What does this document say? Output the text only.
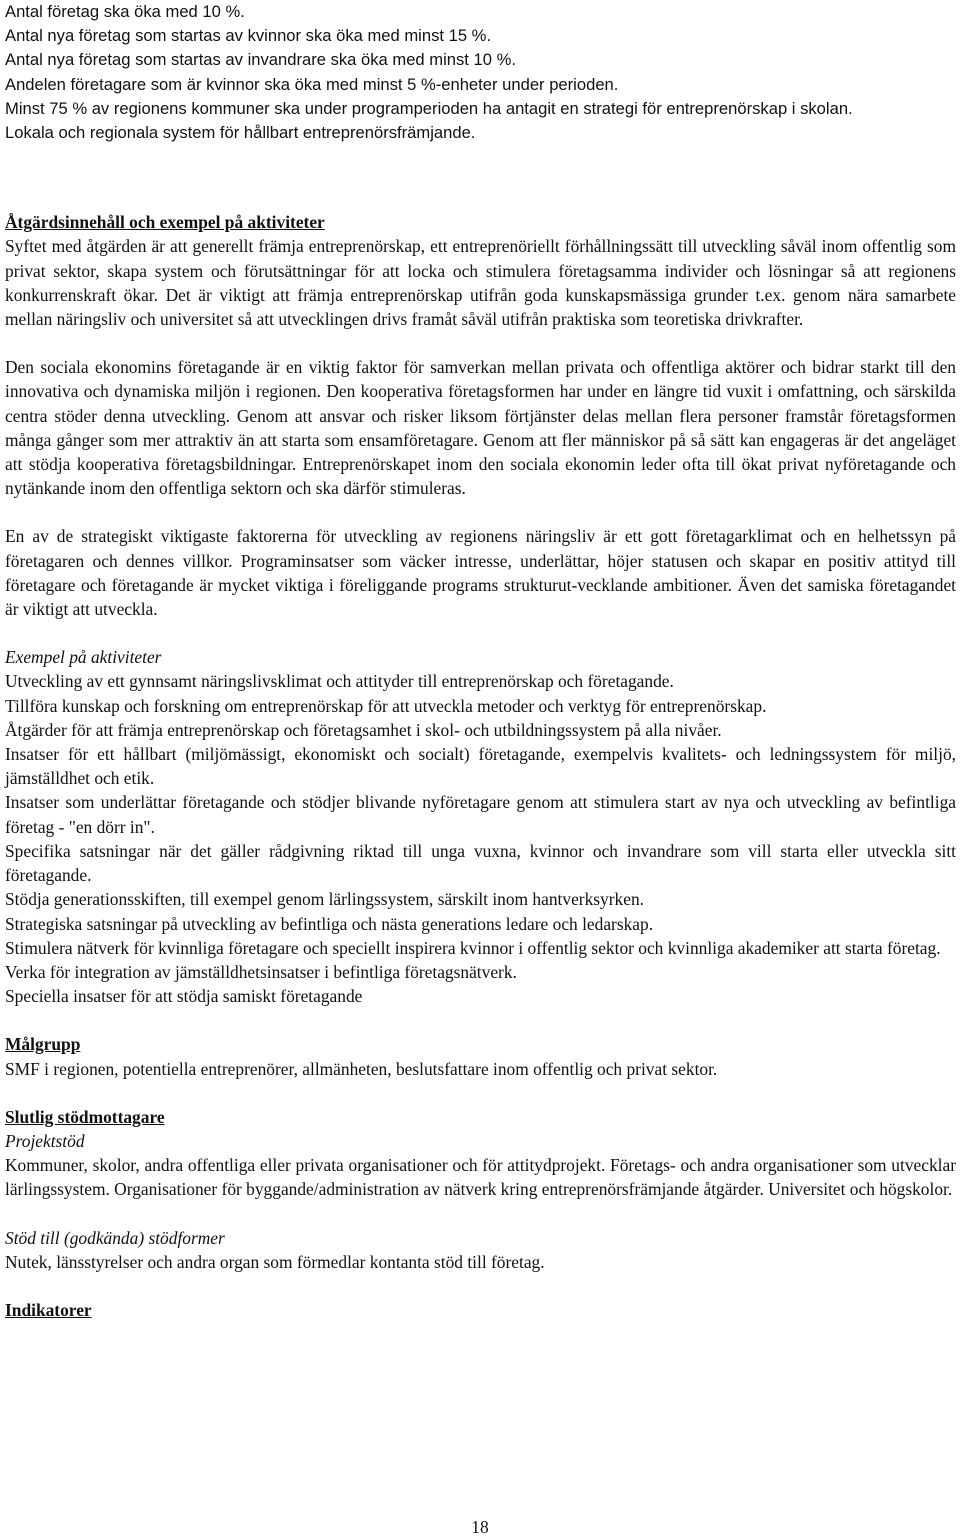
Antal företag ska öka med 10 %.
Antal nya företag som startas av kvinnor ska öka med minst 15 %.
Antal nya företag som startas av invandrare ska öka med minst 10 %.
Andelen företagare som är kvinnor ska öka med minst 5 %-enheter under perioden.

Minst 75 % av regionens kommuner ska under programperioden ha antagit en strategi för entreprenörskap i skolan.

Lokala och regionala system för hållbart entreprenörsfrämjande.

Åtgärdsinnehåll och exempel på aktiviteter

Syftet med åtgärden är att generellt främja entreprenörskap, ett entreprenöriellt förhållningssätt till utveckling såväl inom offentlig som privat sektor, skapa system och förutsättningar för att locka och stimulera företagsamma individer och lösningar så att regionens konkurrenskraft ökar. Det är viktigt att främja entreprenörskap utifrån goda kunskapsmässiga grunder t.ex. genom nära samarbete mellan näringsliv och universitet så att utvecklingen drivs framåt såväl utifrån praktiska som teoretiska drivkrafter.

Den sociala ekonomins företagande är en viktig faktor för samverkan mellan privata och offentliga aktörer och bidrar starkt till den innovativa och dynamiska miljön i regionen. Den kooperativa företagsformen har under en längre tid vuxit i omfattning, och särskilda centra stöder denna utveckling. Genom att ansvar och risker liksom förtjänster delas mellan flera personer framstår företagsformen många gånger som mer attraktiv än att starta som ensamföretagare. Genom att fler människor på så sätt kan engageras är det angeläget att stödja kooperativa företagsbildningar. Entreprenörskapet inom den sociala ekonomin leder ofta till ökat privat nyföretagande och nytänkande inom den offentliga sektorn och ska därför stimuleras.

En av de strategiskt viktigaste faktorerna för utveckling av regionens näringsliv är ett gott företagarklimat och en helhetssyn på företagaren och dennes villkor. Programinsatser som väcker intresse, underlättar, höjer statusen och skapar en positiv attityd till företagare och företagande är mycket viktiga i föreliggande programs strukturut-vecklande ambitioner. Även det samiska företagandet är viktigt att utveckla.

Exempel på aktiviteter

Utveckling av ett gynnsamt näringslivsklimat och attityder till entreprenörskap och företagande.

Tillföra kunskap och forskning om entreprenörskap för att utveckla metoder och verktyg för entreprenörskap.

Åtgärder för att främja entreprenörskap och företagsamhet i skol- och utbildningssystem på alla nivåer.

Insatser för ett hållbart (miljömässigt, ekonomiskt och socialt) företagande, exempelvis kvalitets- och ledningssystem för miljö, jämställdhet och etik.

Insatser som underlättar företagande och stödjer blivande nyföretagare genom att stimulera start av nya och utveckling av befintliga företag - "en dörr in".

Specifika satsningar när det gäller rådgivning riktad till unga vuxna, kvinnor och invandrare som vill starta eller utveckla sitt företagande.

Stödja generationsskiften, till exempel genom lärlingssystem, särskilt inom hantverksyrken.

Strategiska satsningar på utveckling av befintliga och nästa generations ledare och ledarskap.

Stimulera nätverk för kvinnliga företagare och speciellt inspirera kvinnor i offentlig sektor och kvinnliga akademiker att starta företag.

Verka för integration av jämställdhetsinsatser i befintliga företagsnätverk.

Speciella insatser för att stödja samiskt företagande

Målgrupp

SMF i regionen, potentiella entreprenörer, allmänheten, beslutsfattare inom offentlig och privat sektor.

Slutlig stödmottagare

Projektstöd

Kommuner, skolor, andra offentliga eller privata organisationer och för attitydprojekt. Företags- och andra organisationer som utvecklar lärlingssystem. Organisationer för byggande/administration av nätverk kring entreprenörsfrämjande åtgärder. Universitet och högskolor.

Stöd till (godkända) stödformer

Nutek, länsstyrelser och andra organ som förmedlar kontanta stöd till företag.

Indikatorer

18
